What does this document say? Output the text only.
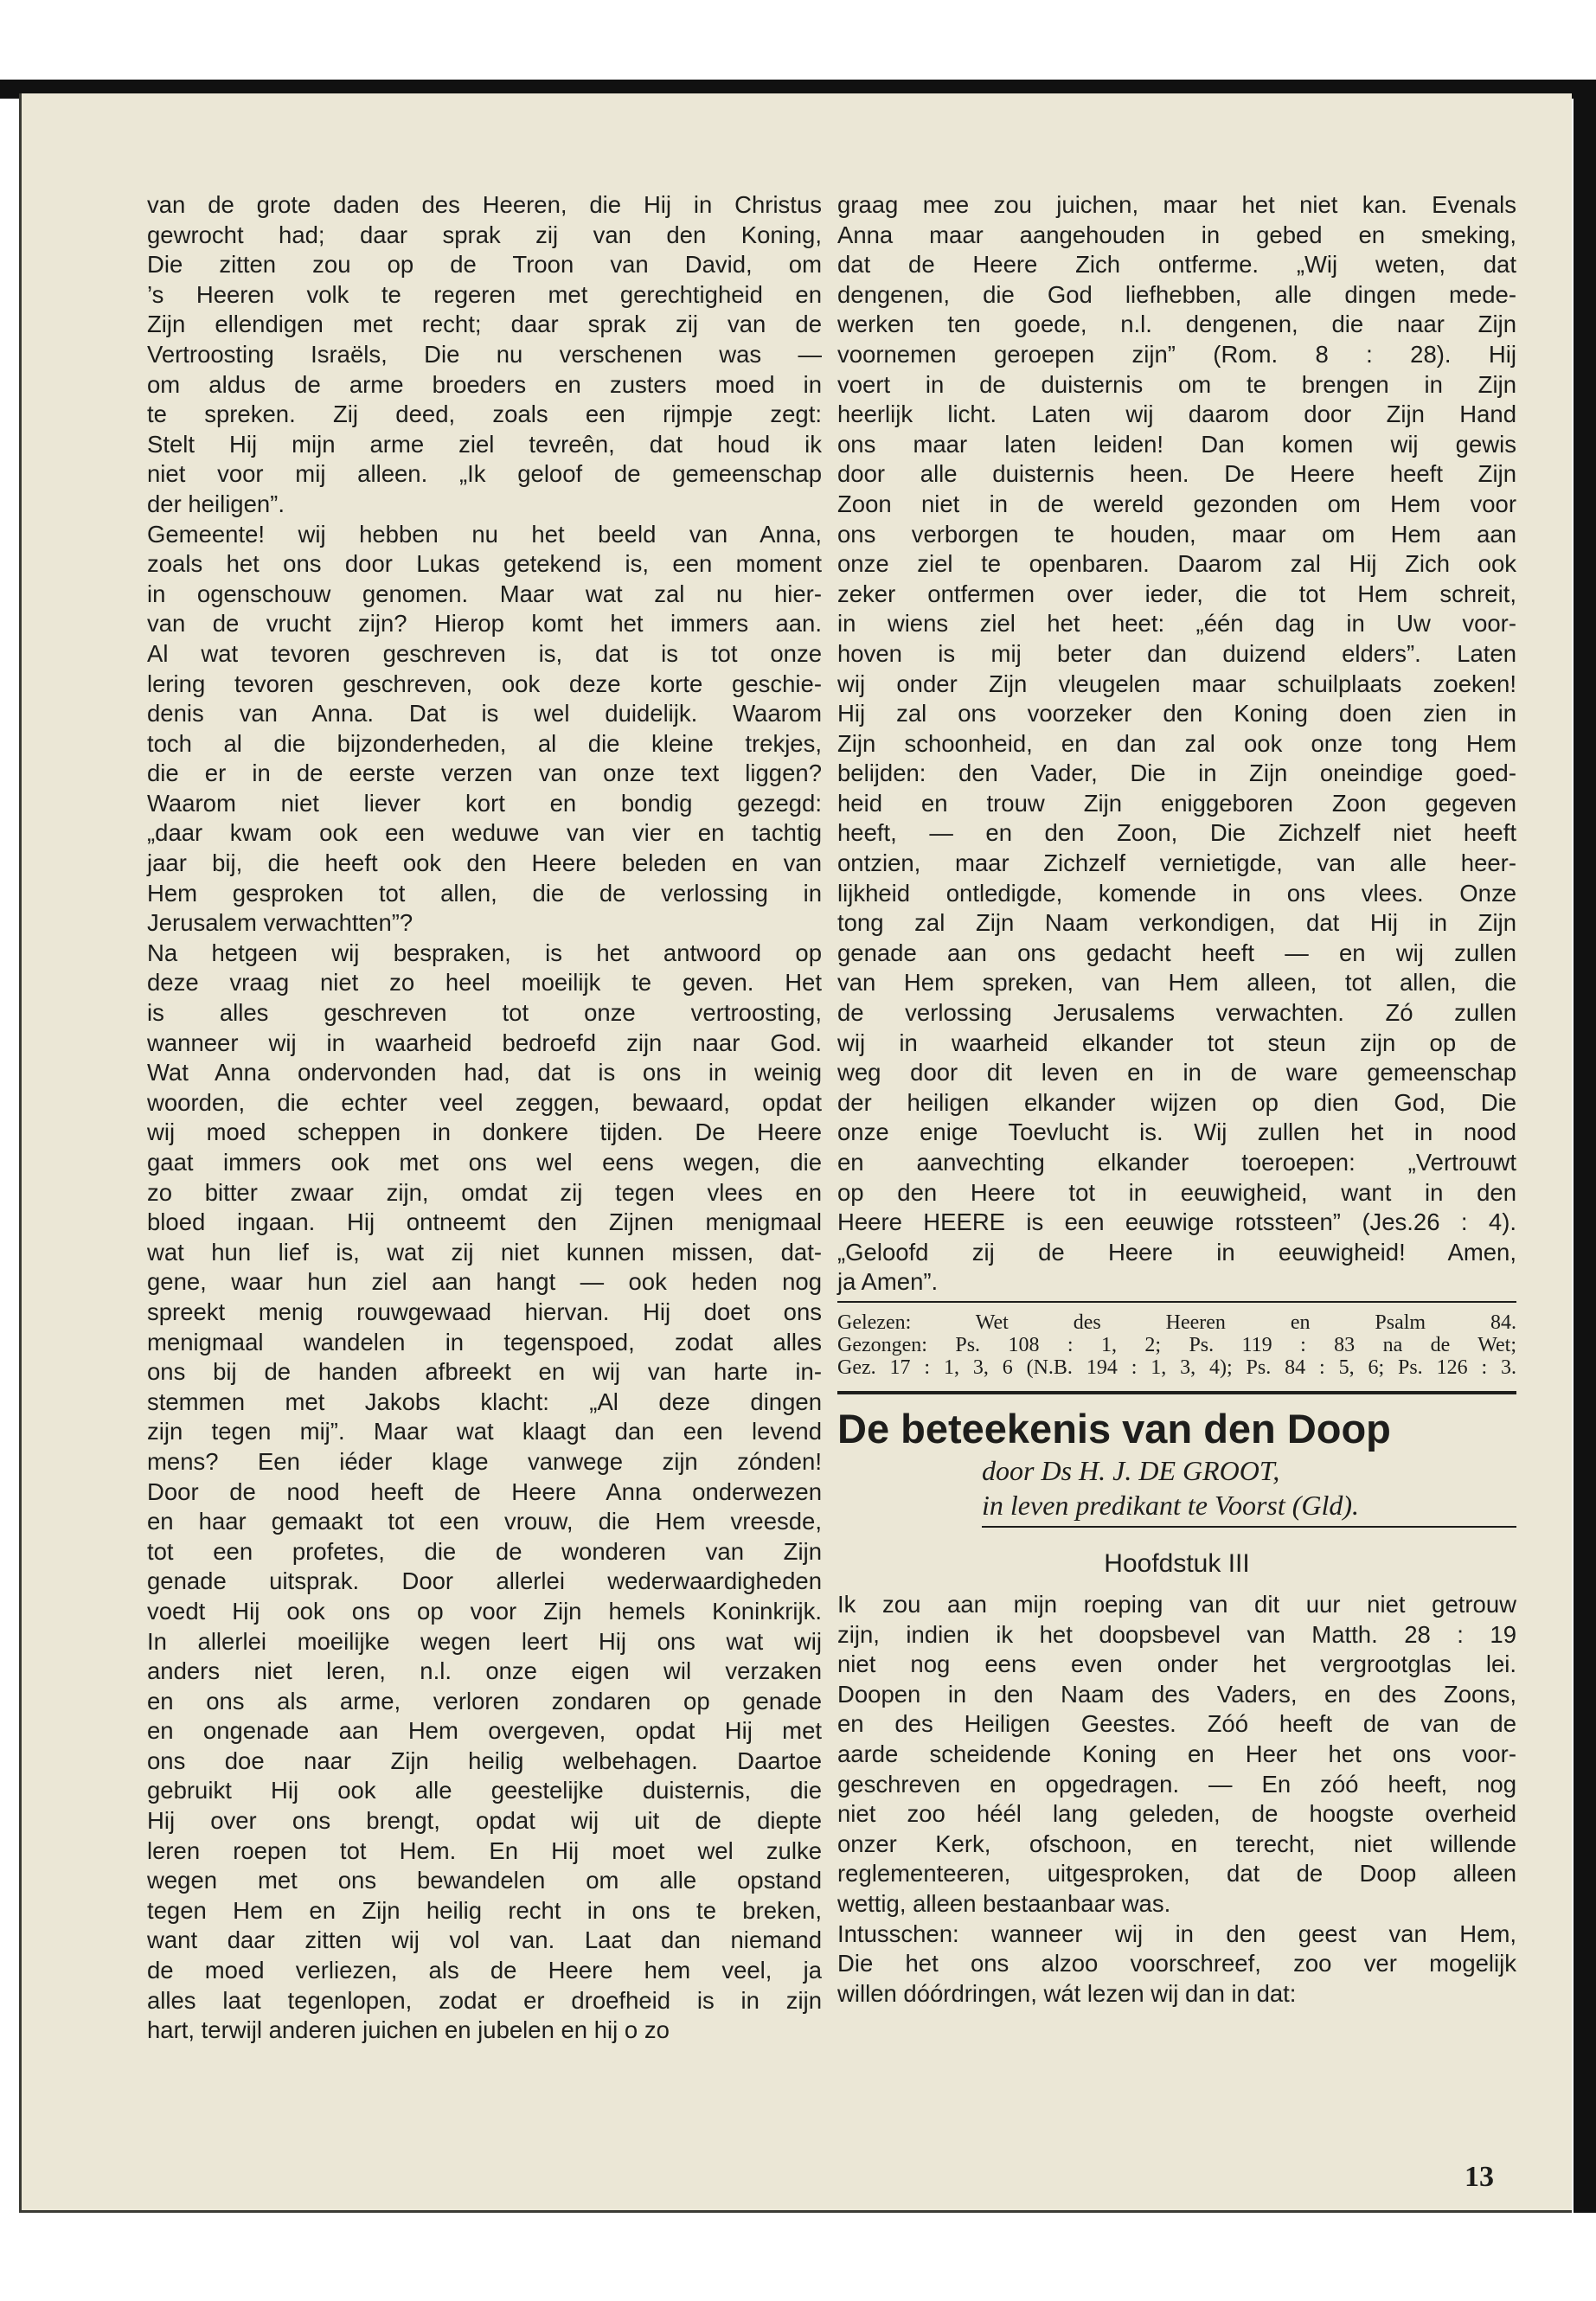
van de grote daden des Heeren, die Hij in Christus
gewrocht had; daar sprak zij van den Koning,
Die zitten zou op de Troon van David, om
’s Heeren volk te regeren met gerechtigheid en
Zijn ellendigen met recht; daar sprak zij van de
Vertroosting Israëls, Die nu verschenen was —
om aldus de arme broeders en zusters moed in
te spreken. Zij deed, zoals een rijmpje zegt:
Stelt Hij mijn arme ziel tevreên, dat houd ik
niet voor mij alleen. „Ik geloof de gemeenschap
der heiligen”.
Gemeente! wij hebben nu het beeld van Anna,
zoals het ons door Lukas getekend is, een moment
in ogenschouw genomen. Maar wat zal nu hier-
van de vrucht zijn? Hierop komt het immers aan.
Al wat tevoren geschreven is, dat is tot onze
lering tevoren geschreven, ook deze korte geschie-
denis van Anna. Dat is wel duidelijk. Waarom
toch al die bijzonderheden, al die kleine trekjes,
die er in de eerste verzen van onze text liggen?
Waarom niet liever kort en bondig gezegd:
„daar kwam ook een weduwe van vier en tachtig
jaar bij, die heeft ook den Heere beleden en van
Hem gesproken tot allen, die de verlossing in
Jerusalem verwachtten”?
Na hetgeen wij bespraken, is het antwoord op
deze vraag niet zo heel moeilijk te geven. Het
is alles geschreven tot onze vertroosting,
wanneer wij in waarheid bedroefd zijn naar God.
Wat Anna ondervonden had, dat is ons in weinig
woorden, die echter veel zeggen, bewaard, opdat
wij moed scheppen in donkere tijden. De Heere
gaat immers ook met ons wel eens wegen, die
zo bitter zwaar zijn, omdat zij tegen vlees en
bloed ingaan. Hij ontneemt den Zijnen menigmaal
wat hun lief is, wat zij niet kunnen missen, dat-
gene, waar hun ziel aan hangt — ook heden nog
spreekt menig rouwgewaad hiervan. Hij doet ons
menigmaal wandelen in tegenspoed, zodat alles
ons bij de handen afbreekt en wij van harte in-
stemmen met Jakobs klacht: „Al deze dingen
zijn tegen mij”. Maar wat klaagt dan een levend
mens? Een iéder klage vanwege zijn zónden!
Door de nood heeft de Heere Anna onderwezen
en haar gemaakt tot een vrouw, die Hem vreesde,
tot een profetes, die de wonderen van Zijn
genade uitsprak. Door allerlei wederwaardigheden
voedt Hij ook ons op voor Zijn hemels Koninkrijk.
In allerlei moeilijke wegen leert Hij ons wat wij
anders niet leren, n.l. onze eigen wil verzaken
en ons als arme, verloren zondaren op genade
en ongenade aan Hem overgeven, opdat Hij met
ons doe naar Zijn heilig welbehagen. Daartoe
gebruikt Hij ook alle geestelijke duisternis, die
Hij over ons brengt, opdat wij uit de diepte
leren roepen tot Hem. En Hij moet wel zulke
wegen met ons bewandelen om alle opstand
tegen Hem en Zijn heilig recht in ons te breken,
want daar zitten wij vol van. Laat dan niemand
de moed verliezen, als de Heere hem veel, ja
alles laat tegenlopen, zodat er droefheid is in zijn
hart, terwijl anderen juichen en jubelen en hij o zo
graag mee zou juichen, maar het niet kan. Evenals
Anna maar aangehouden in gebed en smeking,
dat de Heere Zich ontferme. „Wij weten, dat
dengenen, die God liefhebben, alle dingen mede-
werken ten goede, n.l. dengenen, die naar Zijn
voornemen geroepen zijn” (Rom. 8 : 28). Hij
voert in de duisternis om te brengen in Zijn
heerlijk licht. Laten wij daarom door Zijn Hand
ons maar laten leiden! Dan komen wij gewis
door alle duisternis heen. De Heere heeft Zijn
Zoon niet in de wereld gezonden om Hem voor
ons verborgen te houden, maar om Hem aan
onze ziel te openbaren. Daarom zal Hij Zich ook
zeker ontfermen over ieder, die tot Hem schreit,
in wiens ziel het heet: „één dag in Uw voor-
hoven is mij beter dan duizend elders”. Laten
wij onder Zijn vleugelen maar schuilplaats zoeken!
Hij zal ons voorzeker den Koning doen zien in
Zijn schoonheid, en dan zal ook onze tong Hem
belijden: den Vader, Die in Zijn oneindige goed-
heid en trouw Zijn eniggeboren Zoon gegeven
heeft, — en den Zoon, Die Zichzelf niet heeft
ontzien, maar Zichzelf vernietigde, van alle heer-
lijkheid ontledigde, komende in ons vlees. Onze
tong zal Zijn Naam verkondigen, dat Hij in Zijn
genade aan ons gedacht heeft — en wij zullen
van Hem spreken, van Hem alleen, tot allen, die
de verlossing Jerusalems verwachten. Zó zullen
wij in waarheid elkander tot steun zijn op de
weg door dit leven en in de ware gemeenschap
der heiligen elkander wijzen op dien God, Die
onze enige Toevlucht is. Wij zullen het in nood
en aanvechting elkander toeroepen: „Vertrouwt
op den Heere tot in eeuwigheid, want in den
Heere HEERE is een eeuwige rotssteen” (Jes.26 : 4).
„Geloofd zij de Heere in eeuwigheid! Amen,
ja Amen”.
Gelezen: Wet des Heeren en Psalm 84.
Gezongen: Ps. 108 : 1, 2; Ps. 119 : 83 na de Wet;
Gez. 17 : 1, 3, 6 (N.B. 194 : 1, 3, 4); Ps. 84 : 5, 6; Ps. 126 : 3.
De beteekenis van den Doop
door Ds H. J. DE GROOT,
in leven predikant te Voorst (Gld).
Hoofdstuk III
Ik zou aan mijn roeping van dit uur niet getrouw
zijn, indien ik het doopsbevel van Matth. 28 : 19
niet nog eens even onder het vergrootglas lei.
Doopen in den Naam des Vaders, en des Zoons,
en des Heiligen Geestes. Zóó heeft de van de
aarde scheidende Koning en Heer het ons voor-
geschreven en opgedragen. — En zóó heeft, nog
niet zoo héél lang geleden, de hoogste overheid
onzer Kerk, ofschoon, en terecht, niet willende
reglementeeren, uitgesproken, dat de Doop alleen
wettig, alleen bestaanbaar was.
Intusschen: wanneer wij in den geest van Hem,
Die het ons alzoo voorschreef, zoo ver mogelijk
willen dóórdringen, wát lezen wij dan in dat:
13
